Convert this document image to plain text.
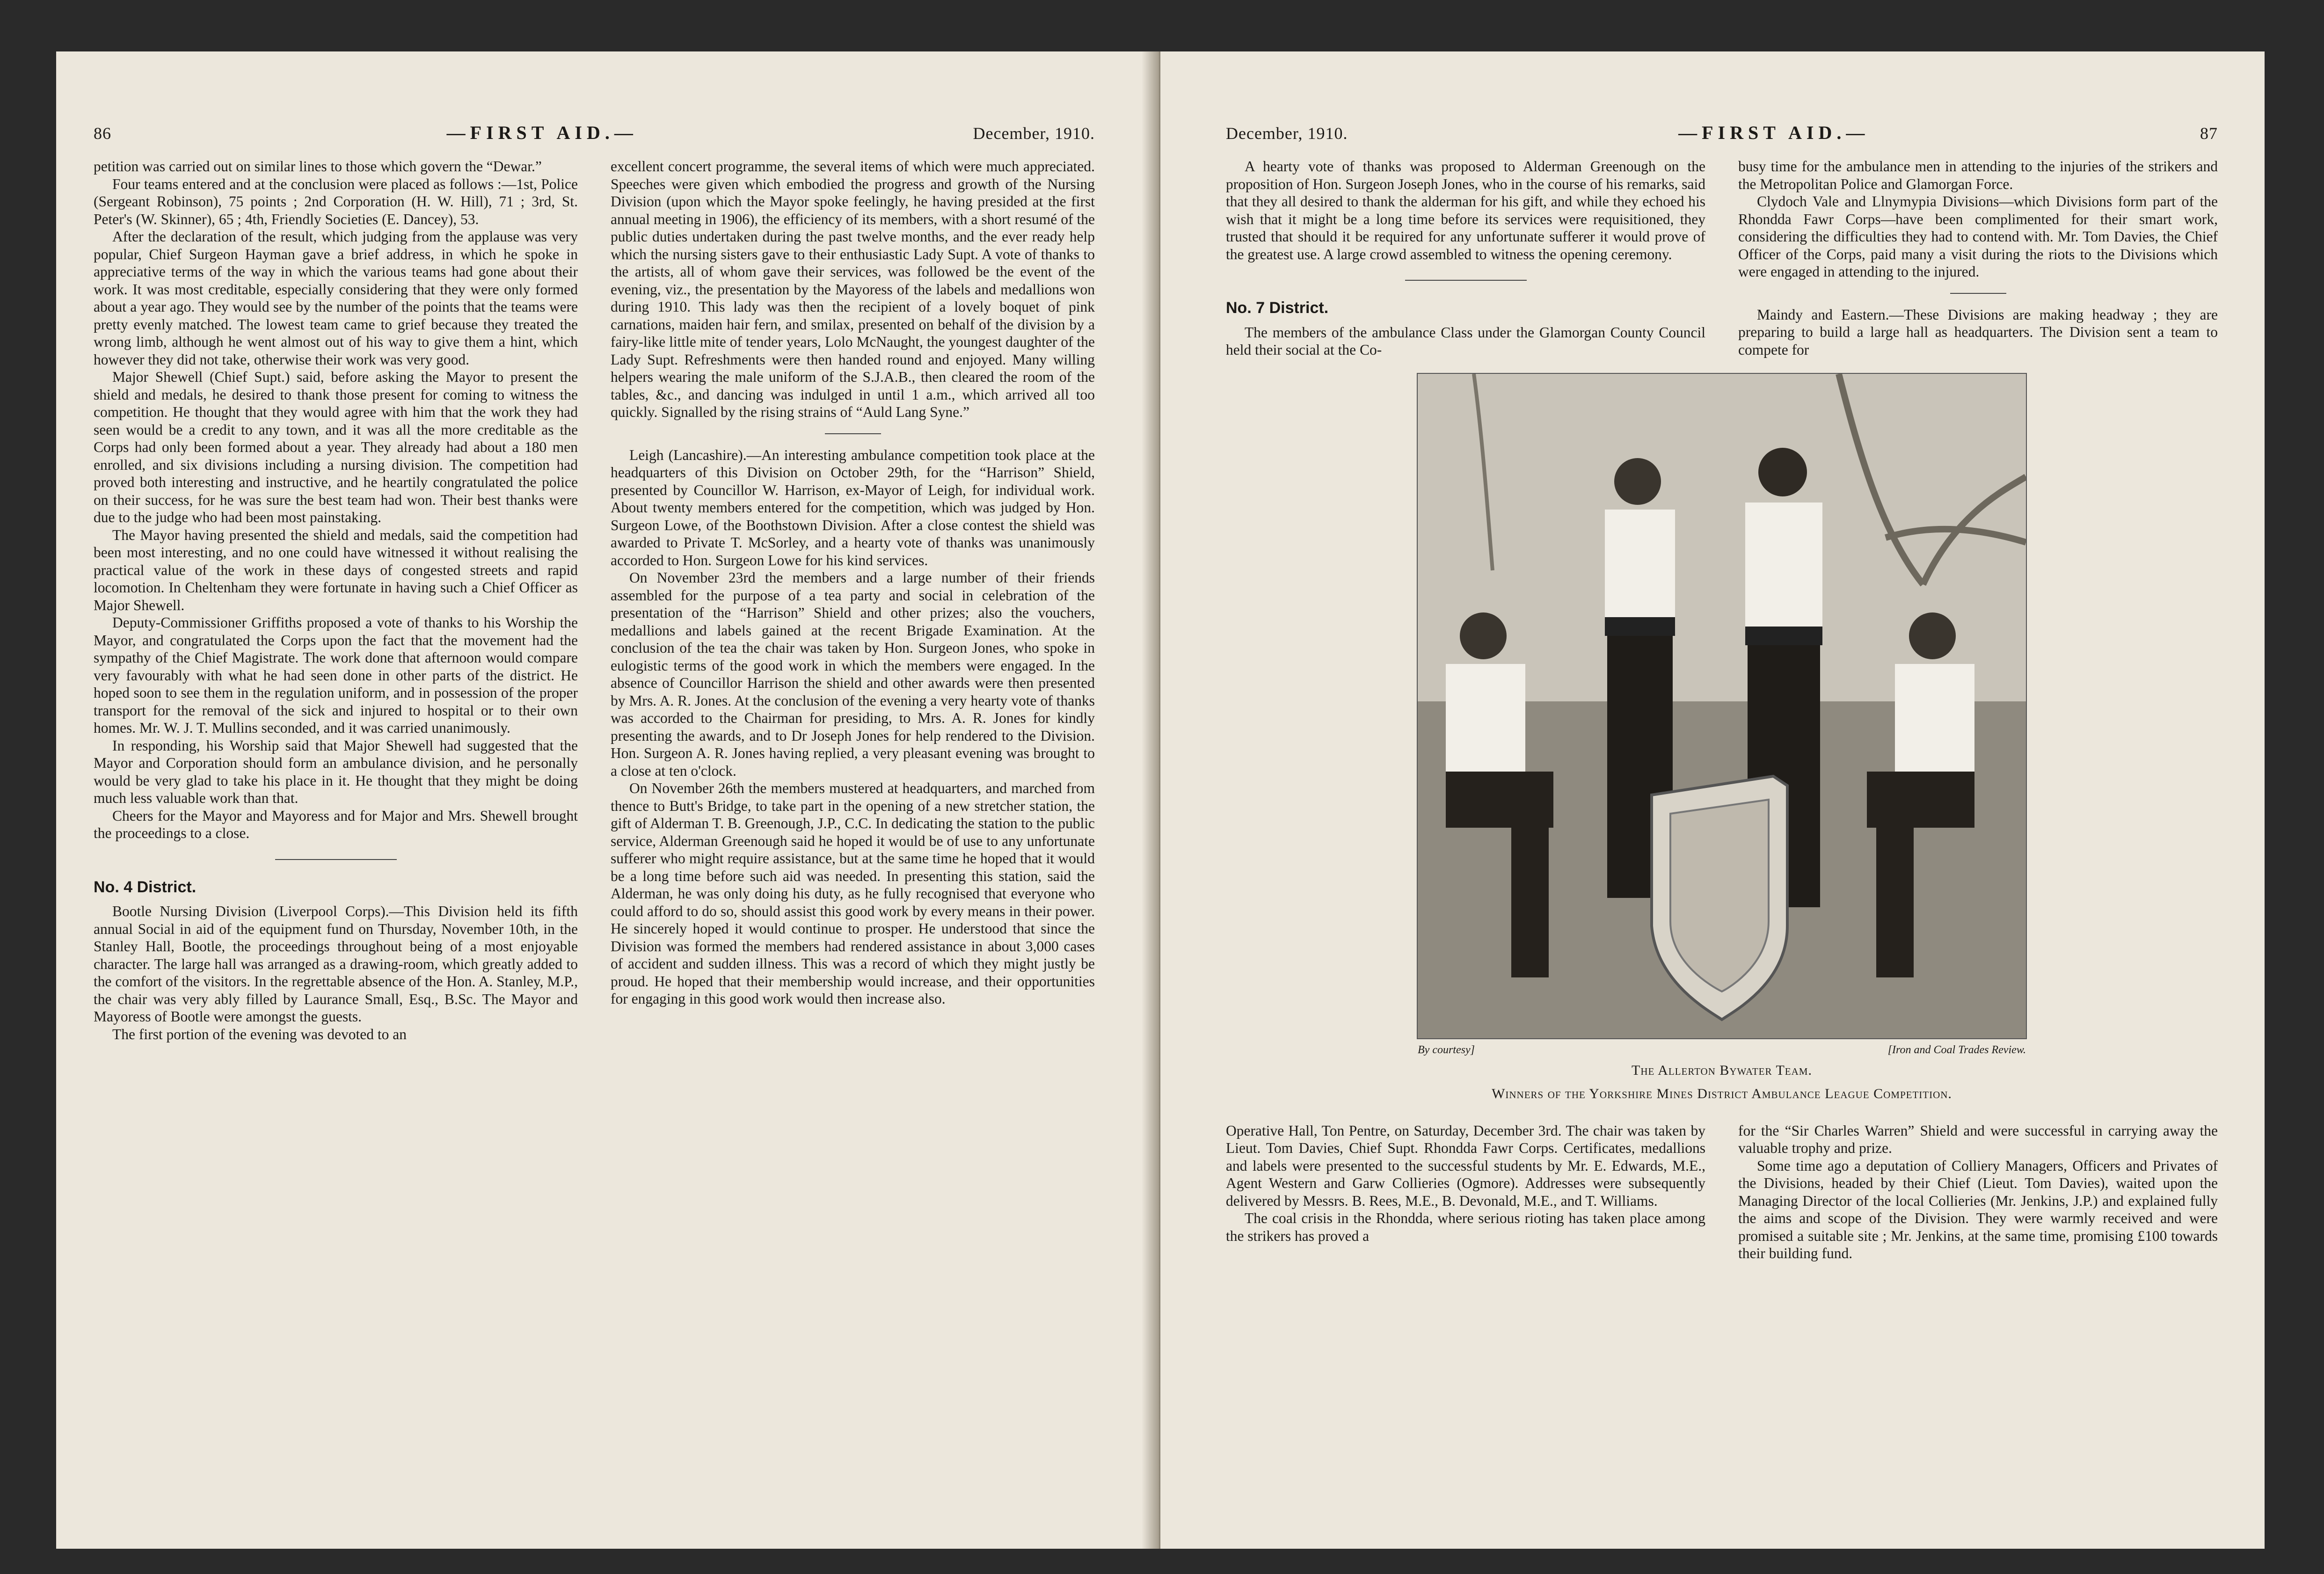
86	—FIRST AID.—	December, 1910.

petition was carried out on similar lines to those which govern the “Dewar.”

Four teams entered and at the conclusion were placed as follows :—1st, Police (Sergeant Robinson), 75 points ; 2nd Corporation (H. W. Hill), 71 ; 3rd, St. Peter's (W. Skinner), 65 ; 4th, Friendly Societies (E. Dancey), 53.

After the declaration of the result, which judging from the applause was very popular, Chief Surgeon Hayman gave a brief address, in which he spoke in appreciative terms of the way in which the various teams had gone about their work. It was most creditable, especially considering that they were only formed about a year ago. They would see by the number of the points that the teams were pretty evenly matched. The lowest team came to grief because they treated the wrong limb, although he went almost out of his way to give them a hint, which however they did not take, otherwise their work was very good.

Major Shewell (Chief Supt.) said, before asking the Mayor to present the shield and medals, he desired to thank those present for coming to witness the competition. He thought that they would agree with him that the work they had seen would be a credit to any town, and it was all the more creditable as the Corps had only been formed about a year. They already had about a 180 men enrolled, and six divisions including a nursing division. The competition had proved both interesting and instructive, and he heartily congratulated the police on their success, for he was sure the best team had won. Their best thanks were due to the judge who had been most painstaking.

The Mayor having presented the shield and medals, said the competition had been most interesting, and no one could have witnessed it without realising the practical value of the work in these days of congested streets and rapid locomotion. In Cheltenham they were fortunate in having such a Chief Officer as Major Shewell.

Deputy-Commissioner Griffiths proposed a vote of thanks to his Worship the Mayor, and congratulated the Corps upon the fact that the movement had the sympathy of the Chief Magistrate. The work done that afternoon would compare very favourably with what he had seen done in other parts of the district. He hoped soon to see them in the regulation uniform, and in possession of the proper transport for the removal of the sick and injured to hospital or to their own homes. Mr. W. J. T. Mullins seconded, and it was carried unanimously.

In responding, his Worship said that Major Shewell had suggested that the Mayor and Corporation should form an ambulance division, and he personally would be very glad to take his place in it. He thought that they might be doing much less valuable work than that.

Cheers for the Mayor and Mayoress and for Major and Mrs. Shewell brought the proceedings to a close.

No. 4 District.

Bootle Nursing Division (Liverpool Corps).—This Division held its fifth annual Social in aid of the equipment fund on Thursday, November 10th, in the Stanley Hall, Bootle, the proceedings throughout being of a most enjoyable character. The large hall was arranged as a drawing-room, which greatly added to the comfort of the visitors. In the regrettable absence of the Hon. A. Stanley, M.P., the chair was very ably filled by Laurance Small, Esq., B.Sc. The Mayor and Mayoress of Bootle were amongst the guests.

The first portion of the evening was devoted to an

excellent concert programme, the several items of which were much appreciated. Speeches were given which embodied the progress and growth of the Nursing Division (upon which the Mayor spoke feelingly, he having presided at the first annual meeting in 1906), the efficiency of its members, with a short resumé of the public duties undertaken during the past twelve months, and the ever ready help which the nursing sisters gave to their enthusiastic Lady Supt. A vote of thanks to the artists, all of whom gave their services, was followed be the event of the evening, viz., the presentation by the Mayoress of the labels and medallions won during 1910. This lady was then the recipient of a lovely boquet of pink carnations, maiden hair fern, and smilax, presented on behalf of the division by a fairy-like little mite of tender years, Lolo McNaught, the youngest daughter of the Lady Supt. Refreshments were then handed round and enjoyed. Many willing helpers wearing the male uniform of the S.J.A.B., then cleared the room of the tables, &c., and dancing was indulged in until 1 a.m., which arrived all too quickly. Signalled by the rising strains of “Auld Lang Syne.”

Leigh (Lancashire).—An interesting ambulance competition took place at the headquarters of this Division on October 29th, for the “Harrison” Shield, presented by Councillor W. Harrison, ex-Mayor of Leigh, for individual work. About twenty members entered for the competition, which was judged by Hon. Surgeon Lowe, of the Boothstown Division. After a close contest the shield was awarded to Private T. McSorley, and a hearty vote of thanks was unanimously accorded to Hon. Surgeon Lowe for his kind services.

On November 23rd the members and a large number of their friends assembled for the purpose of a tea party and social in celebration of the presentation of the “Harrison” Shield and other prizes; also the vouchers, medallions and labels gained at the recent Brigade Examination. At the conclusion of the tea the chair was taken by Hon. Surgeon Jones, who spoke in eulogistic terms of the good work in which the members were engaged. In the absence of Councillor Harrison the shield and other awards were then presented by Mrs. A. R. Jones. At the conclusion of the evening a very hearty vote of thanks was accorded to the Chairman for presiding, to Mrs. A. R. Jones for kindly presenting the awards, and to Dr Joseph Jones for help rendered to the Division. Hon. Surgeon A. R. Jones having replied, a very pleasant evening was brought to a close at ten o'clock.

On November 26th the members mustered at headquarters, and marched from thence to Butt's Bridge, to take part in the opening of a new stretcher station, the gift of Alderman T. B. Greenough, J.P., C.C. In dedicating the station to the public service, Alderman Greenough said he hoped it would be of use to any unfortunate sufferer who might require assistance, but at the same time he hoped that it would be a long time before such aid was needed. In presenting this station, said the Alderman, he was only doing his duty, as he fully recognised that everyone who could afford to do so, should assist this good work by every means in their power. He sincerely hoped it would continue to prosper. He understood that since the Division was formed the members had rendered assistance in about 3,000 cases of accident and sudden illness. This was a record of which they might justly be proud. He hoped that their membership would increase, and their opportunities for engaging in this good work would then increase also.

December, 1910.	—FIRST AID.—	87

A hearty vote of thanks was proposed to Alderman Greenough on the proposition of Hon. Surgeon Joseph Jones, who in the course of his remarks, said that they all desired to thank the alderman for his gift, and while they echoed his wish that it might be a long time before its services were requisitioned, they trusted that should it be required for any unfortunate sufferer it would prove of the greatest use. A large crowd assembled to witness the opening ceremony.

No. 7 District.

The members of the ambulance Class under the Glamorgan County Council held their social at the Co-

busy time for the ambulance men in attending to the injuries of the strikers and the Metropolitan Police and Glamorgan Force.

Clydoch Vale and Llnymypia Divisions—which Divisions form part of the Rhondda Fawr Corps—have been complimented for their smart work, considering the difficulties they had to contend with. Mr. Tom Davies, the Chief Officer of the Corps, paid many a visit during the riots to the Divisions which were engaged in attending to the injured.

Maindy and Eastern.—These Divisions are making headway ; they are preparing to build a large hall as headquarters. The Division sent a team to compete for

By courtesy]	[Iron and Coal Trades Review.
The Allerton Bywater Team.
Winners of the Yorkshire Mines District Ambulance League Competition.

Operative Hall, Ton Pentre, on Saturday, December 3rd. The chair was taken by Lieut. Tom Davies, Chief Supt. Rhondda Fawr Corps. Certificates, medallions and labels were presented to the successful students by Mr. E. Edwards, M.E., Agent Western and Garw Collieries (Ogmore). Addresses were subsequently delivered by Messrs. B. Rees, M.E., B. Devonald, M.E., and T. Williams.

The coal crisis in the Rhondda, where serious rioting has taken place among the strikers has proved a

for the “Sir Charles Warren” Shield and were successful in carrying away the valuable trophy and prize.

Some time ago a deputation of Colliery Managers, Officers and Privates of the Divisions, headed by their Chief (Lieut. Tom Davies), waited upon the Managing Director of the local Collieries (Mr. Jenkins, J.P.) and explained fully the aims and scope of the Division. They were warmly received and were promised a suitable site ; Mr. Jenkins, at the same time, promising £100 towards their building fund.
